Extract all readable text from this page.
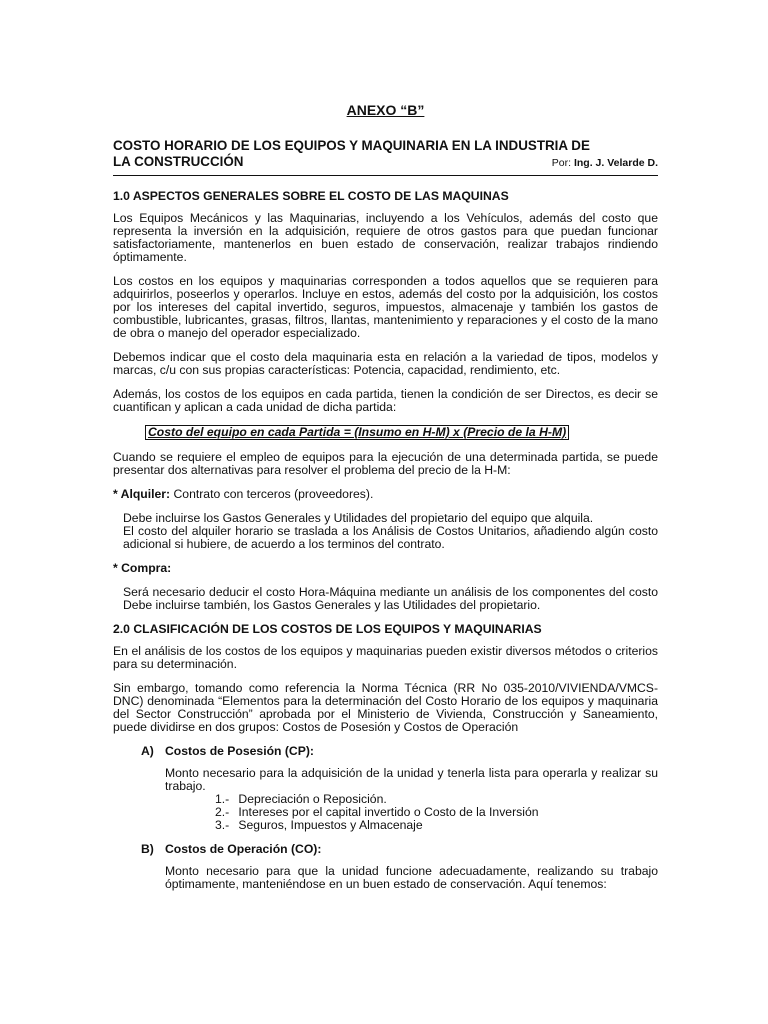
ANEXO “B”
COSTO HORARIO DE LOS EQUIPOS Y MAQUINARIA EN LA INDUSTRIA DE
LA CONSTRUCCIÓN	Por: Ing. J. Velarde D.
1.0 ASPECTOS GENERALES SOBRE EL COSTO DE LAS MAQUINAS

Los Equipos Mecánicos y las Maquinarias, incluyendo a los Vehículos, además del costo que representa la inversión en la adquisición, requiere de otros gastos para que puedan funcionar satisfactoriamente, mantenerlos en buen estado de conservación, realizar trabajos rindiendo óptimamente.

Los costos en los equipos y maquinarias corresponden a todos aquellos que se requieren para adquirirlos, poseerlos y operarlos. Incluye en estos, además del costo por la adquisición, los costos por los intereses del capital invertido, seguros, impuestos, almacenaje y también los gastos de combustible, lubricantes, grasas, filtros, llantas, mantenimiento y reparaciones y el costo de la mano de obra o manejo del operador especializado.

Debemos indicar que el costo dela maquinaria esta en relación a la variedad de tipos, modelos y marcas, c/u con sus propias características: Potencia, capacidad, rendimiento, etc.

Además, los costos de los equipos en cada partida, tienen la condición de ser Directos, es decir se cuantifican y aplican a cada unidad de dicha partida:

Costo del equipo en cada Partida = (Insumo en H-M) x (Precio de la H-M)

Cuando se requiere el empleo de equipos para la ejecución de una determinada partida, se puede presentar dos alternativas para resolver el problema del precio de la H-M:

* Alquiler: Contrato con terceros (proveedores).

Debe incluirse los Gastos Generales y Utilidades del propietario del equipo que alquila.

El costo del alquiler horario se traslada a los Análisis de Costos Unitarios, añadiendo algún costo adicional si hubiere, de acuerdo a los terminos del contrato.

* Compra:

Será necesario deducir el costo Hora-Máquina mediante un análisis de los componentes del costo Debe incluirse también, los Gastos Generales y las Utilidades del propietario.

2.0 CLASIFICACIÓN DE LOS COSTOS DE LOS EQUIPOS Y MAQUINARIAS

En el análisis de los costos de los equipos y maquinarias pueden existir diversos métodos o criterios para su determinación.

Sin embargo, tomando como referencia la Norma Técnica (RR No 035-2010/VIVIENDA/VMCS-DNC) denominada “Elementos para la determinación del Costo Horario de los equipos y maquinaria del Sector Construcción” aprobada por el Ministerio de Vivienda, Construcción y Saneamiento, puede dividirse en dos grupos: Costos de Posesión y Costos de Operación

A) Costos de Posesión (CP):

Monto necesario para la adquisición de la unidad y tenerla lista para operarla y realizar su trabajo.

1.- Depreciación o Reposición.
2.- Intereses por el capital invertido o Costo de la Inversión
3.- Seguros, Impuestos y Almacenaje
B) Costos de Operación (CO):

Monto necesario para que la unidad funcione adecuadamente, realizando su trabajo óptimamente, manteniéndose en un buen estado de conservación. Aquí tenemos:
